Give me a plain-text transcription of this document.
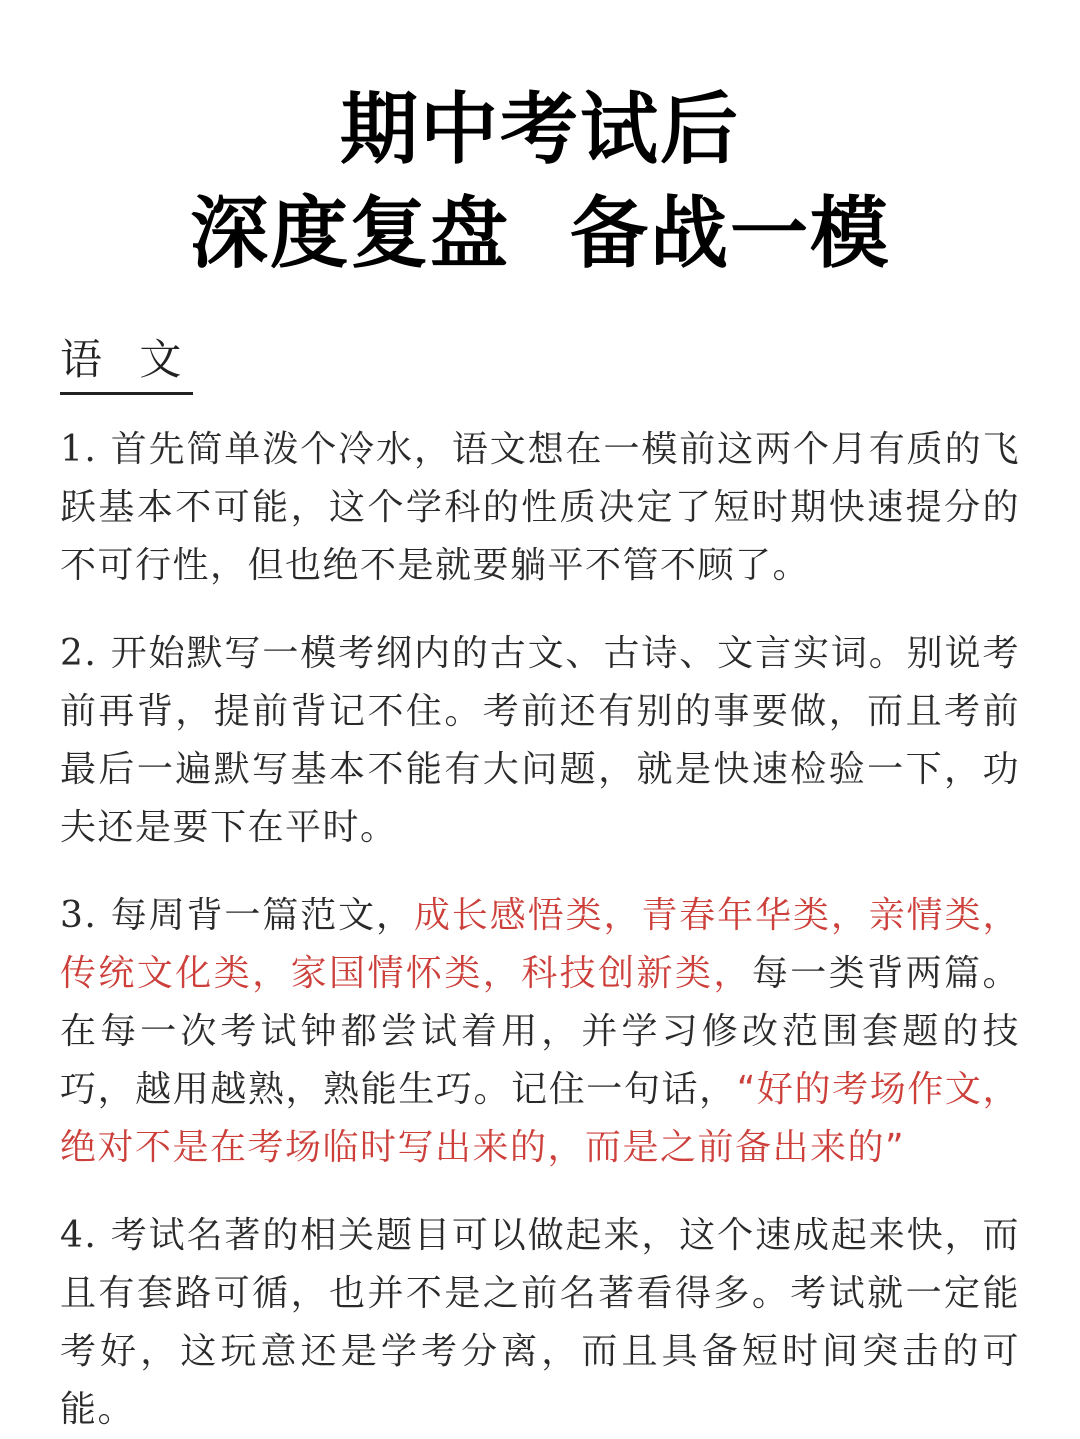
期中考试后
深度复盘 备战一模
语 文

1. 首先简单泼个冷水，语文想在一模前这两个月有质的飞跃基本不可能，这个学科的性质决定了短时期快速提分的不可行性，但也绝不是就要躺平不管不顾了。

2. 开始默写一模考纲内的古文、古诗、文言实词。别说考前再背，提前背记不住。考前还有别的事要做，而且考前最后一遍默写基本不能有大问题，就是快速检验一下，功夫还是要下在平时。

3. 每周背一篇范文，成长感悟类，青春年华类，亲情类，传统文化类，家国情怀类，科技创新类，每一类背两篇。在每一次考试钟都尝试着用，并学习修改范围套题的技巧，越用越熟，熟能生巧。记住一句话，“好的考场作文，绝对不是在考场临时写出来的，而是之前备出来的”

4. 考试名著的相关题目可以做起来，这个速成起来快，而且有套路可循，也并不是之前名著看得多。考试就一定能考好，这玩意还是学考分离，而且具备短时间突击的可能。
